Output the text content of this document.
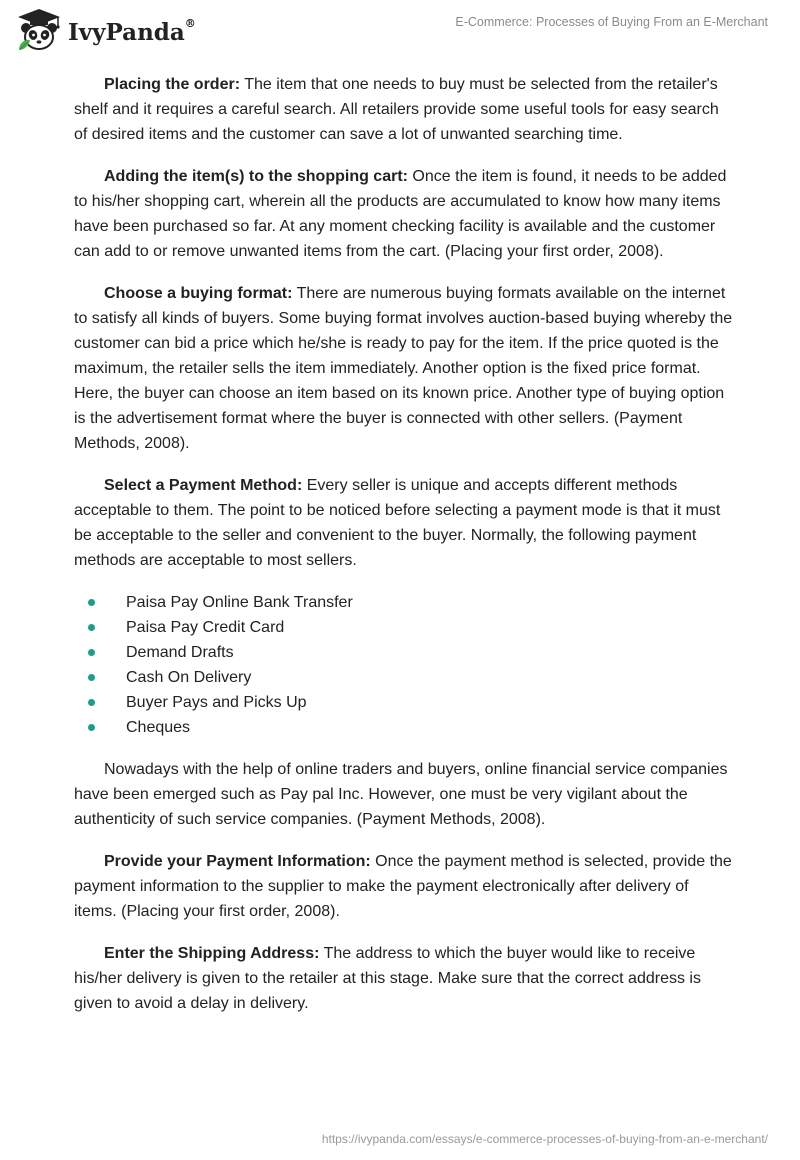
IvyPanda®	E-Commerce: Processes of Buying From an E-Merchant

Placing the order: The item that one needs to buy must be selected from the retailer's shelf and it requires a careful search. All retailers provide some useful tools for easy search of desired items and the customer can save a lot of unwanted searching time.

Adding the item(s) to the shopping cart: Once the item is found, it needs to be added to his/her shopping cart, wherein all the products are accumulated to know how many items have been purchased so far. At any moment checking facility is available and the customer can add to or remove unwanted items from the cart. (Placing your first order, 2008).

Choose a buying format: There are numerous buying formats available on the internet to satisfy all kinds of buyers. Some buying format involves auction-based buying whereby the customer can bid a price which he/she is ready to pay for the item. If the price quoted is the maximum, the retailer sells the item immediately. Another option is the fixed price format. Here, the buyer can choose an item based on its known price. Another type of buying option is the advertisement format where the buyer is connected with other sellers. (Payment Methods, 2008).

Select a Payment Method: Every seller is unique and accepts different methods acceptable to them. The point to be noticed before selecting a payment mode is that it must be acceptable to the seller and convenient to the buyer. Normally, the following payment methods are acceptable to most sellers.

Paisa Pay Online Bank Transfer
Paisa Pay Credit Card
Demand Drafts
Cash On Delivery
Buyer Pays and Picks Up
Cheques

Nowadays with the help of online traders and buyers, online financial service companies have been emerged such as Pay pal Inc. However, one must be very vigilant about the authenticity of such service companies. (Payment Methods, 2008).

Provide your Payment Information: Once the payment method is selected, provide the payment information to the supplier to make the payment electronically after delivery of items. (Placing your first order, 2008).

Enter the Shipping Address: The address to which the buyer would like to receive his/her delivery is given to the retailer at this stage. Make sure that the correct address is given to avoid a delay in delivery.

https://ivypanda.com/essays/e-commerce-processes-of-buying-from-an-e-merchant/
